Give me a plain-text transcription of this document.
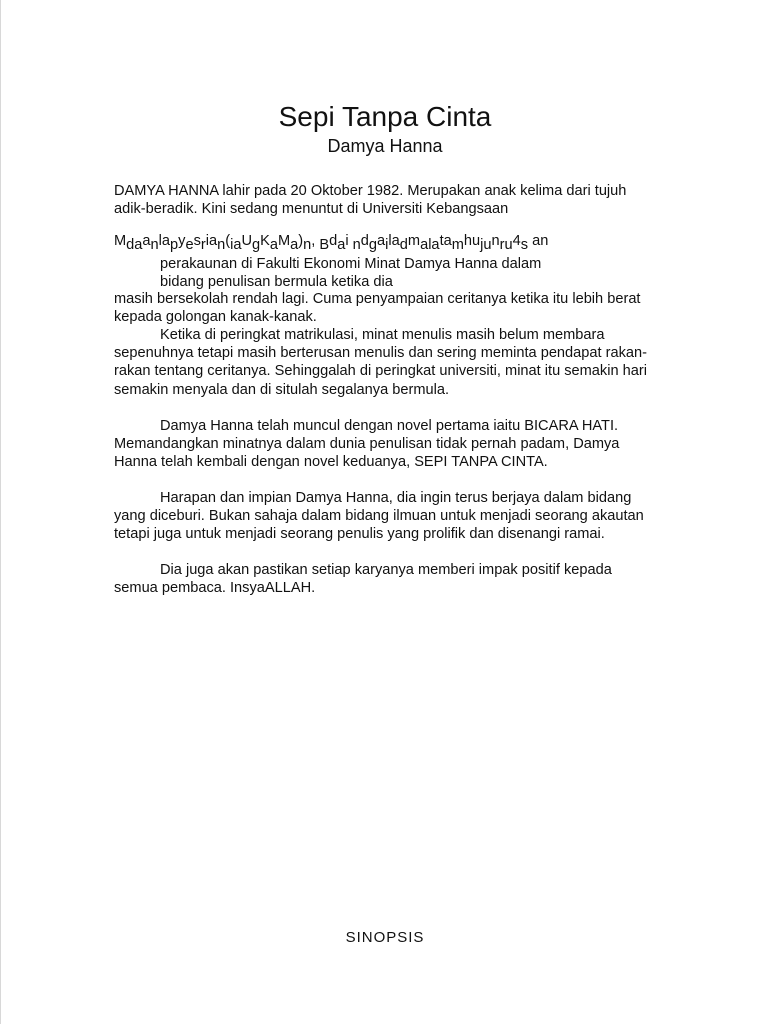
Sepi Tanpa Cinta
Damya Hanna

DAMYA HANNA lahir pada 20 Oktober 1982. Merupakan anak kelima dari tujuh adik-beradik. Kini sedang menuntut di Universiti Kebangsaan

Mdaanlapyesrian(iaUgKaMa)n, Bdai ndgailadmalatamhujunru4s an

perakaunan di Fakulti Ekonomi Minat Damya Hanna dalam

bidang penulisan bermula ketika dia

masih bersekolah rendah lagi. Cuma penyampaian ceritanya ketika itu lebih berat kepada golongan kanak-kanak.

Ketika di peringkat matrikulasi, minat menulis masih belum membara sepenuhnya tetapi masih berterusan menulis dan sering meminta pendapat rakan-rakan tentang ceritanya. Sehinggalah di peringkat universiti, minat itu semakin hari semakin menyala dan di situlah segalanya bermula.

Damya Hanna telah muncul dengan novel pertama iaitu BICARA HATI. Memandangkan minatnya dalam dunia penulisan tidak pernah padam, Damya Hanna telah kembali dengan novel keduanya, SEPI TANPA CINTA.

Harapan dan impian Damya Hanna, dia ingin terus berjaya dalam bidang yang diceburi. Bukan sahaja dalam bidang ilmuan untuk menjadi seorang akautan tetapi juga untuk menjadi seorang penulis yang prolifik dan disenangi ramai.

Dia juga akan pastikan setiap karyanya memberi impak positif kepada semua pembaca. InsyaALLAH.

SINOPSIS
